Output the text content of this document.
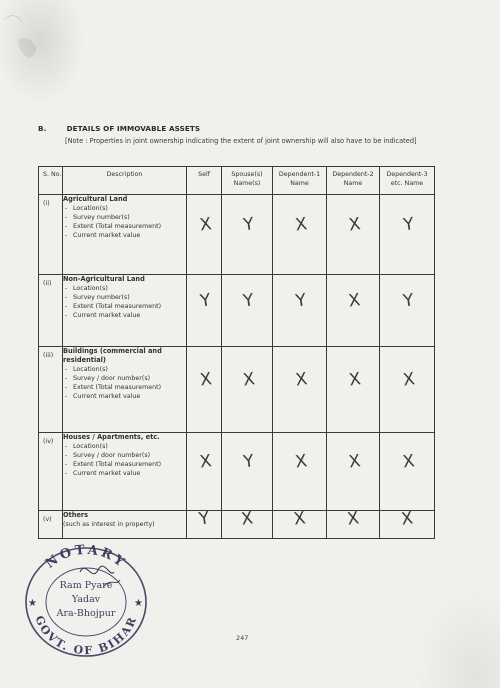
B.	DETAILS OF IMMOVABLE ASSETS
[Note : Properties in joint ownership indicating the extent of joint ownership will also have to be indicated]
S. No.	Description	Self	Spouse(s) Name(s)	Dependent-1 Name	Dependent-2 Name	Dependent-3 etc. Name

(i)	Agricultural Land
- Location(s)
- Survey number(s)
- Extent (Total measurement)
- Current market value	X	Y	X	X	Y

(ii)	Non-Agricultural Land
- Location(s)
- Survey number(s)
- Extent (Total measurement)
- Current market value	Y	Y	Y	X	Y

(iii)	Buildings (commercial and residential)
- Location(s)
- Survey / door number(s)
- Extent (Total measurement)
- Current market value	X	X	X	X	X

(iv)	Houses / Apartments, etc.
- Location(s)
- Survey / door number(s)
- Extent (Total measurement)
- Current market value	X	Y	X	X	X

(v)	Others
(such as interest in property)	Y	X	X	X	X
247
NOTARY
GOVT. OF BIHAR
★	★
Ram Pyare
Yadav
Ara-Bhojpur
